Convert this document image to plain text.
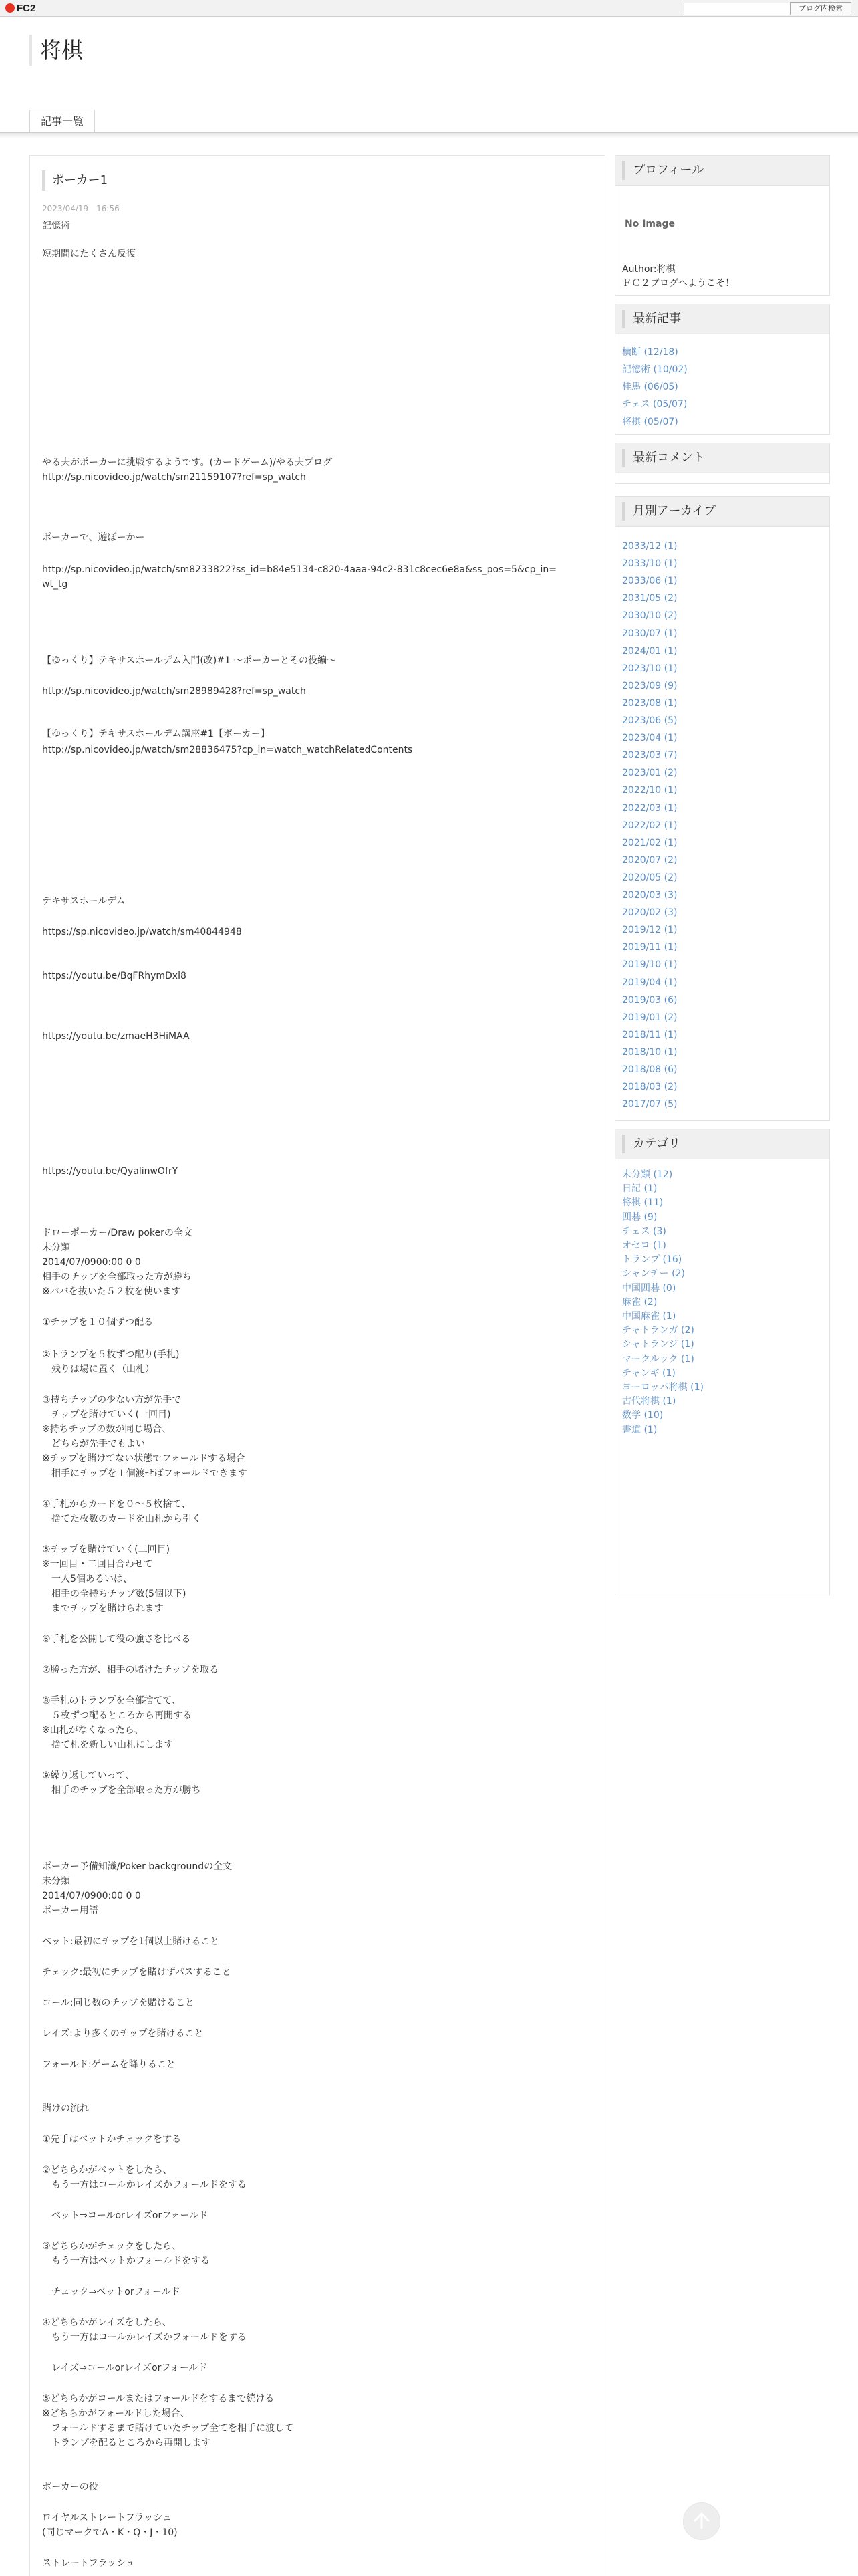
FC2	ブログ内検索
将棋
記事一覧
ポーカー1
2023/04/19　16:56
記憶術
短期間にたくさん反復
やる夫がポーカーに挑戦するようです。(カードゲーム)/やる夫ブログ
http://sp.nicovideo.jp/watch/sm21159107?ref=sp_watch
ポーカーで、遊ぼーかー
http://sp.nicovideo.jp/watch/sm8233822?ss_id=b84e5134-c820-4aaa-94c2-831c8cec6e8a&ss_pos=5&cp_in=
wt_tg
【ゆっくり】テキサスホールデム入門(改)#1 〜ポーカーとその役編〜
http://sp.nicovideo.jp/watch/sm28989428?ref=sp_watch
【ゆっくり】テキサスホールデム講座#1【ポーカー】
http://sp.nicovideo.jp/watch/sm28836475?cp_in=watch_watchRelatedContents
テキサスホールデム
https://sp.nicovideo.jp/watch/sm40844948
https://youtu.be/BqFRhymDxl8
https://youtu.be/zmaeH3HiMAA
https://youtu.be/QyalinwOfrY
ドローポーカー/Draw pokerの全文
未分類
2014/07/0900:00 0 0
相手のチップを全部取った方が勝ち
※ババを抜いた５２枚を使います
①チップを１０個ずつ配る
②トランプを５枚ずつ配り(手札)
　残りは場に置く（山札）
③持ちチップの少ない方が先手で
　チップを賭けていく(一回目)
※持ちチップの数が同じ場合、
　どちらが先手でもよい
※チップを賭けてない状態でフォールドする場合
　相手にチップを１個渡せばフォールドできます
④手札からカードを０〜５枚捨て、
　捨てた枚数のカードを山札から引く
⑤チップを賭けていく(二回目)
※一回目・二回目合わせて
　一人5個あるいは、
　相手の全持ちチップ数(5個以下)
　までチップを賭けられます
⑥手札を公開して役の強さを比べる
⑦勝った方が、相手の賭けたチップを取る
⑧手札のトランプを全部捨てて、
　５枚ずつ配るところから再開する
※山札がなくなったら、
　捨て札を新しい山札にします
⑨繰り返していって、
　相手のチップを全部取った方が勝ち
ポーカー予備知識/Poker backgroundの全文
未分類
2014/07/0900:00 0 0
ポーカー用語
ベット:最初にチップを1個以上賭けること
チェック:最初にチップを賭けずパスすること
コール:同じ数のチップを賭けること
レイズ:より多くのチップを賭けること
フォールド:ゲームを降りること
賭けの流れ
①先手はベットかチェックをする
②どちらかがベットをしたら、
　もう一方はコールかレイズかフォールドをする
　ベット⇒コールorレイズorフォールド
③どちらかがチェックをしたら、
　もう一方はベットかフォールドをする
　チェック⇒ベットorフォールド
④どちらかがレイズをしたら、
　もう一方はコールかレイズかフォールドをする
　レイズ⇒コールorレイズorフォールド
⑤どちらかがコールまたはフォールドをするまで続ける
※どちらかがフォールドした場合、
　フォールドするまで賭けていたチップ全てを相手に渡して
　トランプを配るところから再開します
ポーカーの役
ロイヤルストレートフラッシュ
(同じマークでA・K・Q・J・10)
ストレートフラッシュ
プロフィール
No Image
Author:将棋
ＦＣ２ブログへようこそ！
最新記事
横断 (12/18)
記憶術 (10/02)
桂馬 (06/05)
チェス (05/07)
将棋 (05/07)
最新コメント
月別アーカイブ
2033/12 (1)
2033/10 (1)
2033/06 (1)
2031/05 (2)
2030/10 (2)
2030/07 (1)
2024/01 (1)
2023/10 (1)
2023/09 (9)
2023/08 (1)
2023/06 (5)
2023/04 (1)
2023/03 (7)
2023/01 (2)
2022/10 (1)
2022/03 (1)
2022/02 (1)
2021/02 (1)
2020/07 (2)
2020/05 (2)
2020/03 (3)
2020/02 (3)
2019/12 (1)
2019/11 (1)
2019/10 (1)
2019/04 (1)
2019/03 (6)
2019/01 (2)
2018/11 (1)
2018/10 (1)
2018/08 (6)
2018/03 (2)
2017/07 (5)
カテゴリ
未分類 (12)
日記 (1)
将棋 (11)
囲碁 (9)
チェス (3)
オセロ (1)
トランプ (16)
シャンチー (2)
中国囲碁 (0)
麻雀 (2)
中国麻雀 (1)
チャトランガ (2)
シャトランジ (1)
マークルック (1)
チャンギ (1)
ヨーロッパ将棋 (1)
古代将棋 (1)
数学 (10)
書道 (1)
